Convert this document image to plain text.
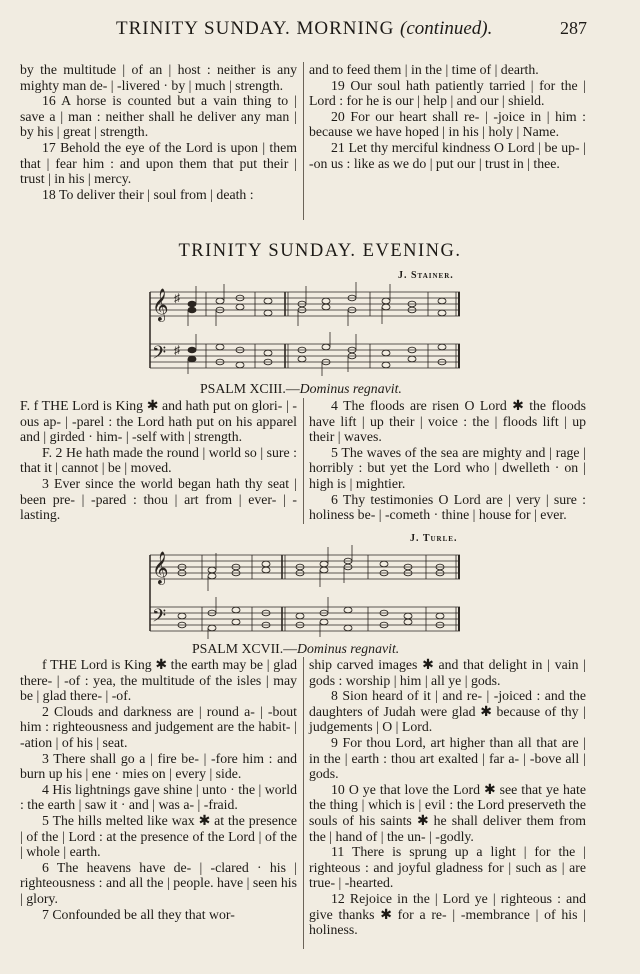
TRINITY SUNDAY. MORNING (continued).	287

by the multitude | of an | host : neither is any mighty man de- | -livered · by | much | strength.

16 A horse is counted but a vain thing to | save a | man : neither shall he deliver any man | by his | great | strength.

17 Behold the eye of the Lord is upon | them that | fear him : and upon them that put their | trust | in his | mercy.

18 To deliver their | soul from | death :

and to feed them | in the | time of | dearth.

19 Our soul hath patiently tarried | for the | Lord : for he is our | help | and our | shield.

20 For our heart shall re- | -joice in | him : because we have hoped | in his | holy | Name.

21 Let thy merciful kindness O Lord | be up- | -on us : like as we do | put our | trust in | thee.

TRINITY SUNDAY. EVENING.
J. Stainer.
𝄞
𝄢
♯
♯
PSALM XCIII.—Dominus regnavit.

F. f THE Lord is King ✱ and hath put on glori- | -ous ap- | -parel : the Lord hath put on his apparel and | girded · him- | -self with | strength.

F. 2 He hath made the round | world so | sure : that it | cannot | be | moved.

3 Ever since the world began hath thy seat | been pre- | -pared : thou | art from | ever- | -lasting.

4 The floods are risen O Lord ✱ the floods have lift | up their | voice : the | floods lift | up their | waves.

5 The waves of the sea are mighty and | rage | horribly : but yet the Lord who | dwelleth · on | high is | mightier.

6 Thy testimonies O Lord are | very | sure : holiness be- | -cometh · thine | house for | ever.

J. Turle.
𝄞
𝄢
PSALM XCVII.—Dominus regnavit.

f THE Lord is King ✱ the earth may be | glad there- | -of : yea, the multitude of the isles | may be | glad there- | -of.

2 Clouds and darkness are | round a- | -bout him : righteousness and judgement are the habit- | -ation | of his | seat.

3 There shall go a | fire be- | -fore him : and burn up his | ene · mies on | every | side.

4 His lightnings gave shine | unto · the | world : the earth | saw it · and | was a- | -fraid.

5 The hills melted like wax ✱ at the presence | of the | Lord : at the presence of the Lord | of the | whole | earth.

6 The heavens have de- | -clared · his | righteousness : and all the | people. have | seen his | glory.

7 Confounded be all they that wor-

ship carved images ✱ and that delight in | vain | gods : worship | him | all ye | gods.

8 Sion heard of it | and re- | -joiced : and the daughters of Judah were glad ✱ because of thy | judgements | O | Lord.

9 For thou Lord, art higher than all that are | in the | earth : thou art exalted | far a- | -bove all | gods.

10 O ye that love the Lord ✱ see that ye hate the thing | which is | evil : the Lord preserveth the souls of his saints ✱ he shall deliver them from the | hand of | the un- | -godly.

11 There is sprung up a light | for the | righteous : and joyful gladness for | such as | are true- | -hearted.

12 Rejoice in the | Lord ye | righteous : and give thanks ✱ for a re- | -membrance | of his | holiness.
